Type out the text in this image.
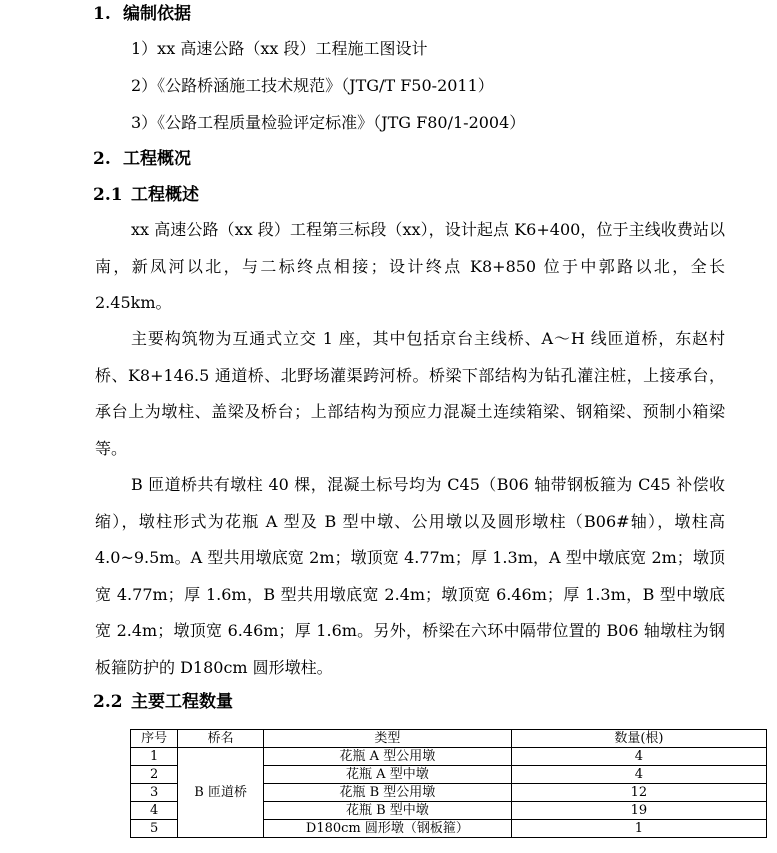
1. 编制依据
1）xx 高速公路（xx 段）工程施工图设计
2）《公路桥涵施工技术规范》（JTG/T F50-2011）
3）《公路工程质量检验评定标准》（JTG F80/1-2004）
2. 工程概况
2.1 工程概述
xx 高速公路（xx 段）工程第三标段（xx），设计起点 K6+400，位于主线收费站以南，新凤河以北，与二标终点相接；设计终点 K8+850 位于中郭路以北，全长 2.45km。
主要构筑物为互通式立交 1 座，其中包括京台主线桥、A～H 线匝道桥，东赵村桥、K8+146.5 通道桥、北野场灌渠跨河桥。桥梁下部结构为钻孔灌注桩，上接承台，承台上为墩柱、盖梁及桥台；上部结构为预应力混凝土连续箱梁、钢箱梁、预制小箱梁等。
B 匝道桥共有墩柱 40 棵，混凝土标号均为 C45（B06 轴带钢板箍为 C45 补偿收缩），墩柱形式为花瓶 A 型及 B 型中墩、公用墩以及圆形墩柱（B06#轴），墩柱高 4.0~9.5m。A 型共用墩底宽 2m；墩顶宽 4.77m；厚 1.3m，A 型中墩底宽 2m；墩顶宽 4.77m；厚 1.6m，B 型共用墩底宽 2.4m；墩顶宽 6.46m；厚 1.3m，B 型中墩底宽 2.4m；墩顶宽 6.46m；厚 1.6m。另外，桥梁在六环中隔带位置的 B06 轴墩柱为钢板箍防护的 D180cm 圆形墩柱。
2.2 主要工程数量
序号	桥名	类型	数量(根)
1	B 匝道桥	花瓶 A 型公用墩	4
2		花瓶 A 型中墩	4
3		花瓶 B 型公用墩	12
4		花瓶 B 型中墩	19
5		D180cm 圆形墩（钢板箍）	1
